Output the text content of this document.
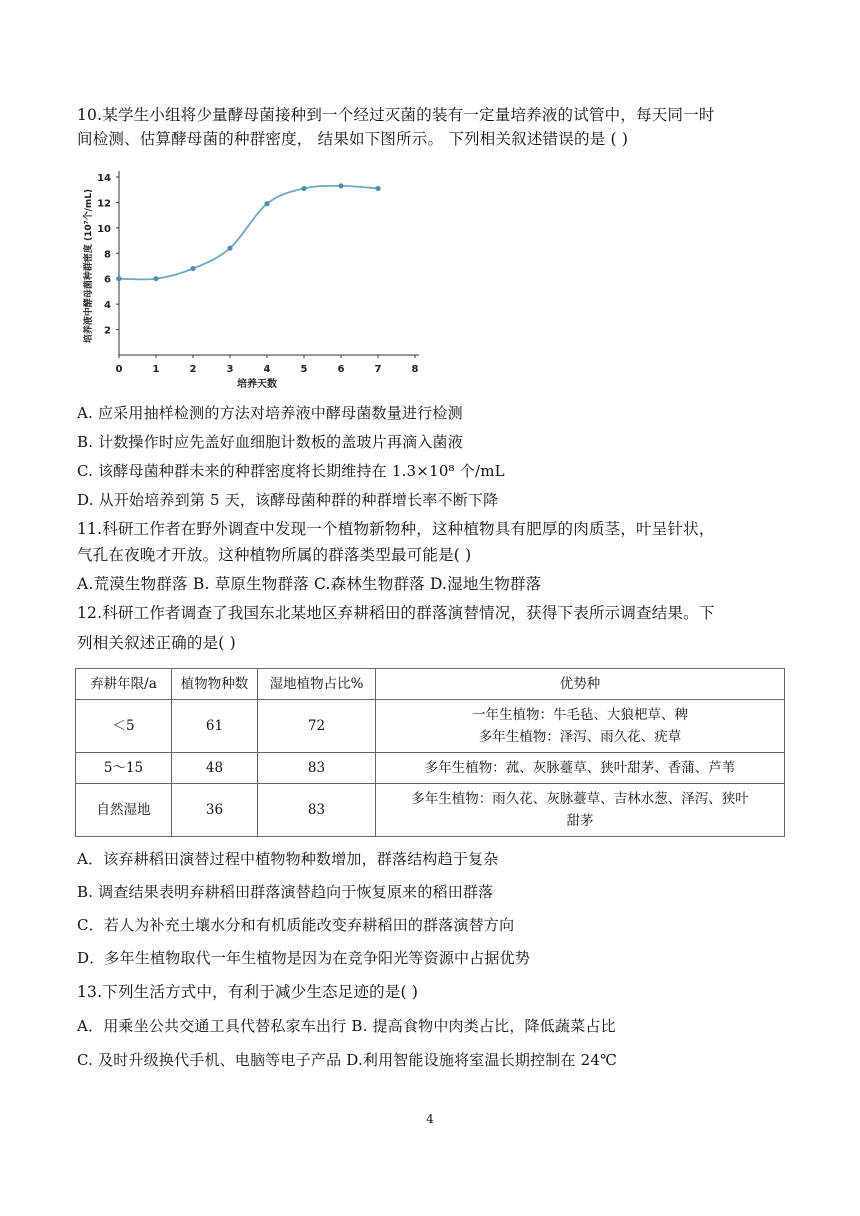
10.某学生小组将少量酵母菌接种到一个经过灭菌的装有一定量培养液的试管中，每天同一时
间检测、估算酵母菌的种群密度， 结果如下图所示。 下列相关叙述错误的是 ( )
0	1	2	3	4	5	6	7	8
2
4
6
8
10
12
14
培养天数
培养液中酵母菌种群密度 (10⁷个/mL)
A. 应采用抽样检测的方法对培养液中酵母菌数量进行检测
B. 计数操作时应先盖好血细胞计数板的盖玻片再滴入菌液
C. 该酵母菌种群未来的种群密度将长期维持在 1.3×10⁸ 个/mL
D. 从开始培养到第 5 天，该酵母菌种群的种群增长率不断下降
11.科研工作者在野外调查中发现一个植物新物种，这种植物具有肥厚的肉质茎，叶呈针状，
气孔在夜晚才开放。这种植物所属的群落类型最可能是( )
A.荒漠生物群落 B. 草原生物群落 C.森林生物群落 D.湿地生物群落
12.科研工作者调查了我国东北某地区弃耕稻田的群落演替情况，获得下表所示调查结果。下
列相关叙述正确的是( )
弃耕年限/a	植物物种数	湿地植物占比%	优势种
＜5	61	72	一年生植物：牛毛毡、大狼杷草、稗
多年生植物：泽泻、雨久花、疣草

5～15	48	83	多年生植物：菰、灰脉薹草、狭叶甜茅、香蒲、芦苇

自然湿地	36	83	多年生植物：雨久花、灰脉薹草、吉林水葱、泽泻、狭叶
甜茅
A．该弃耕稻田演替过程中植物物种数增加，群落结构趋于复杂
B. 调查结果表明弃耕稻田群落演替趋向于恢复原来的稻田群落
C．若人为补充土壤水分和有机质能改变弃耕稻田的群落演替方向
D．多年生植物取代一年生植物是因为在竞争阳光等资源中占据优势
13.下列生活方式中，有利于减少生态足迹的是( )
A．用乘坐公共交通工具代替私家车出行 B. 提高食物中肉类占比，降低蔬菜占比
C. 及时升级换代手机、电脑等电子产品 D.利用智能设施将室温长期控制在 24℃
4
